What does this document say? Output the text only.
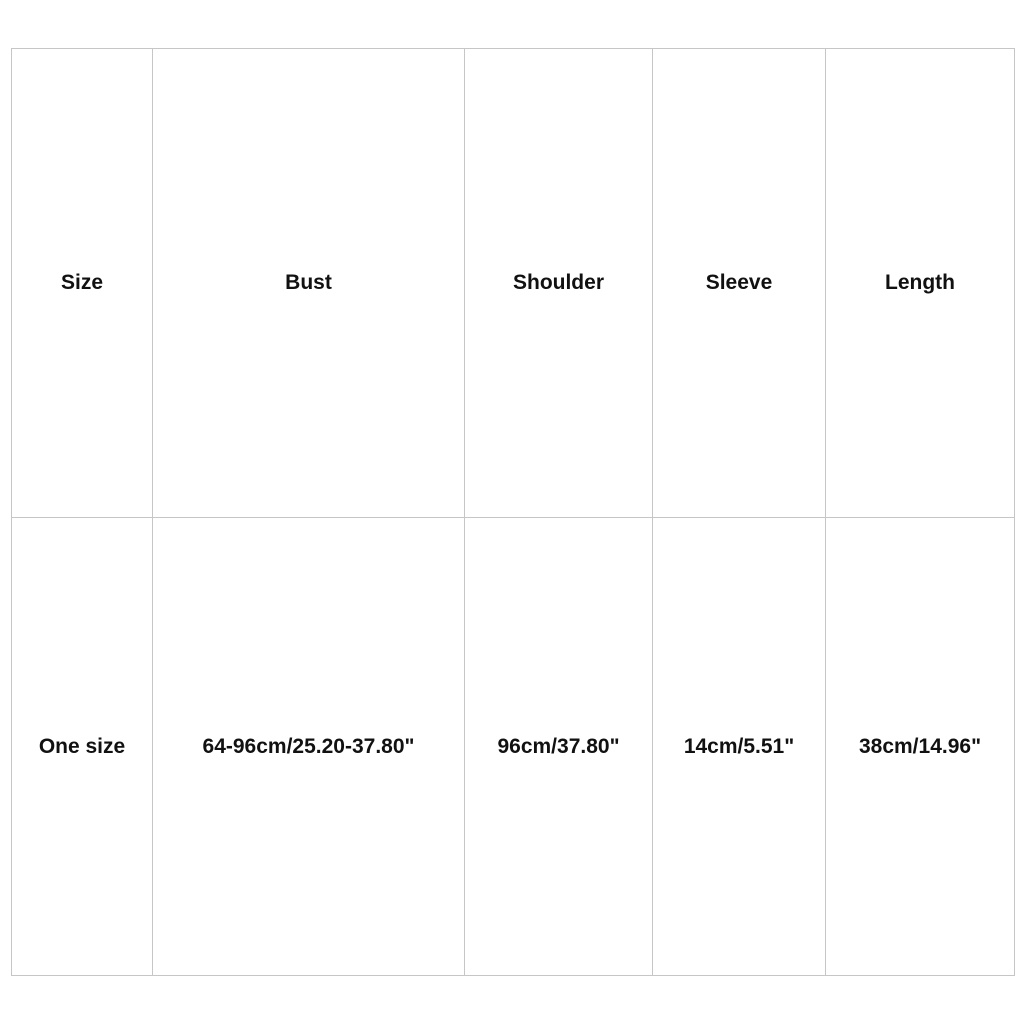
Size	Bust	Shoulder	Sleeve	Length
One size	64-96cm/25.20-37.80"	96cm/37.80"	14cm/5.51"	38cm/14.96"
